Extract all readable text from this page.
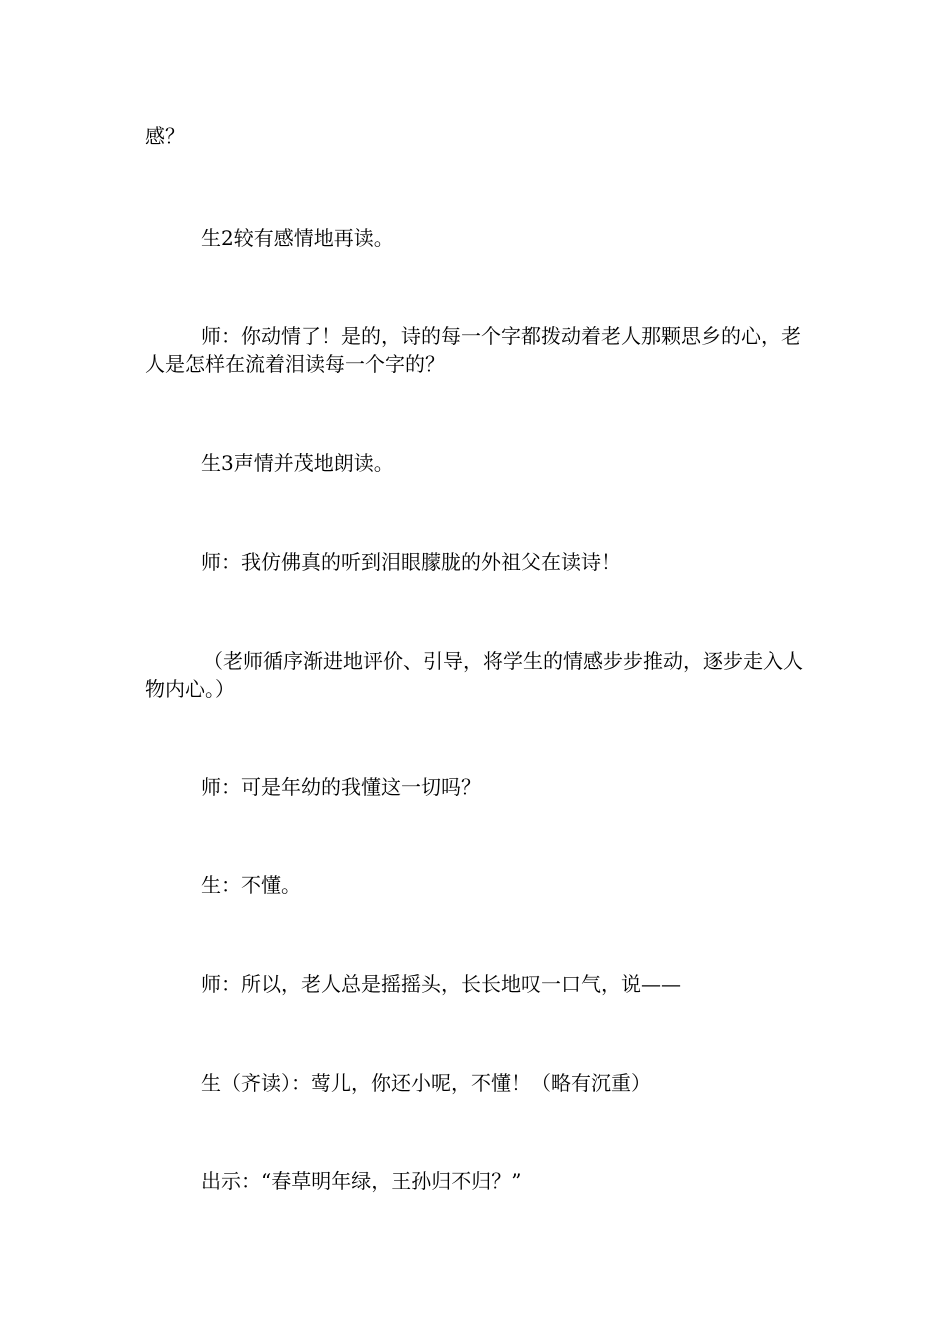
感？

生2较有感情地再读。

师：你动情了！是的，诗的每一个字都拨动着老人那颗思乡的心，老人是怎样在流着泪读每一个字的？

生3声情并茂地朗读。

师：我仿佛真的听到泪眼朦胧的外祖父在读诗！

（老师循序渐进地评价、引导，将学生的情感步步推动，逐步走入人物内心。）

师：可是年幼的我懂这一切吗？

生：不懂。

师：所以，老人总是摇摇头，长长地叹一口气，说——

生（齐读）：莺儿，你还小呢，不懂！（略有沉重）

出示：“春草明年绿，王孙归不归？”
